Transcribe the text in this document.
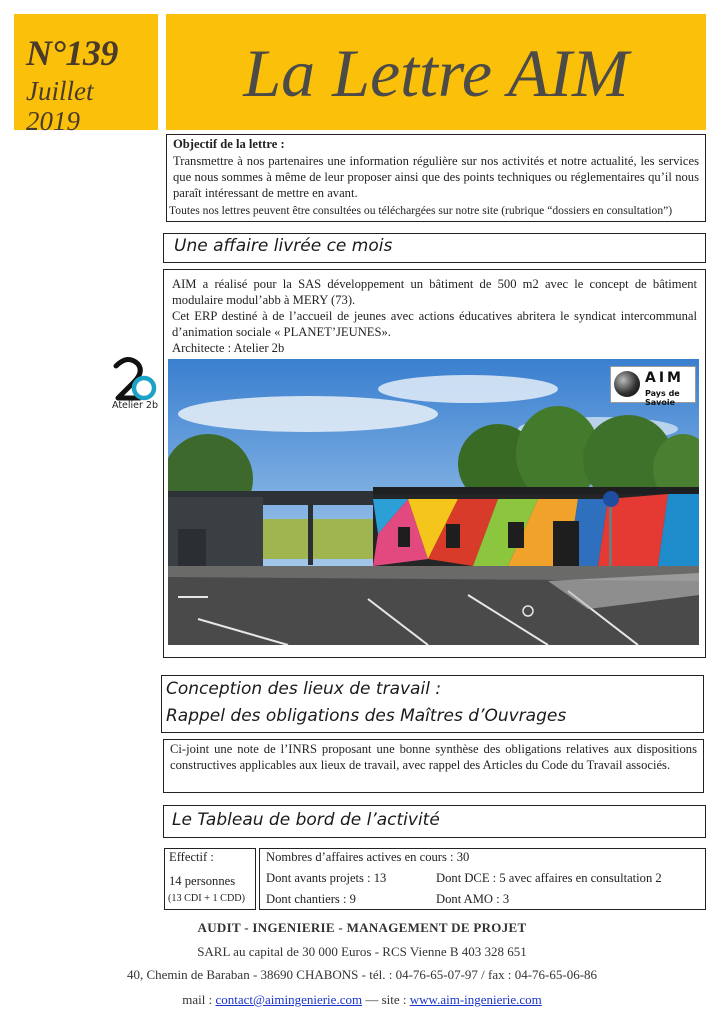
N°139
Juillet
2019
La Lettre AIM

Objectif de la lettre :

Transmettre à nos partenaires une information régulière sur nos activités et notre actualité, les services que nous sommes à même de leur proposer ainsi que des points techniques ou réglementaires qu’il nous paraît intéressant de mettre en avant.

Toutes nos lettres peuvent être consultées ou téléchargées sur notre site (rubrique “dossiers en consultation”)

Une affaire livrée ce mois

AIM a réalisé pour la SAS développement un bâtiment de 500 m2 avec le concept de bâtiment modulaire modul’abb à MERY (73).

Cet ERP destiné à de l’accueil de jeunes avec actions éducatives abritera le syndicat intercommunal d’animation sociale « PLANET’JEUNES».

Architecte : Atelier 2b

AIM
Pays de Savoie
Atelier 2b
Conception des lieux de travail :
Rappel des obligations des Maîtres d’Ouvrages

Ci-joint une note de l’INRS proposant une bonne synthèse des obligations relatives aux dispositions constructives applicables aux lieux de travail, avec rappel des Articles du Code du Travail associés.

Le Tableau de bord de l’activité

Effectif :

14 personnes

(13 CDI + 1 CDD)

Nombres d’affaires actives en cours : 30
Dont avants projets : 13	Dont DCE : 5 avec affaires en consultation 2
Dont chantiers : 9	Dont AMO : 3
AUDIT - INGENIERIE - MANAGEMENT DE PROJET
SARL au capital de 30 000 Euros - RCS Vienne B 403 328 651
40, Chemin de Baraban - 38690 CHABONS - tél. : 04-76-65-07-97 / fax : 04-76-65-06-86
mail : contact@aimingenierie.com — site : www.aim-ingenierie.com
